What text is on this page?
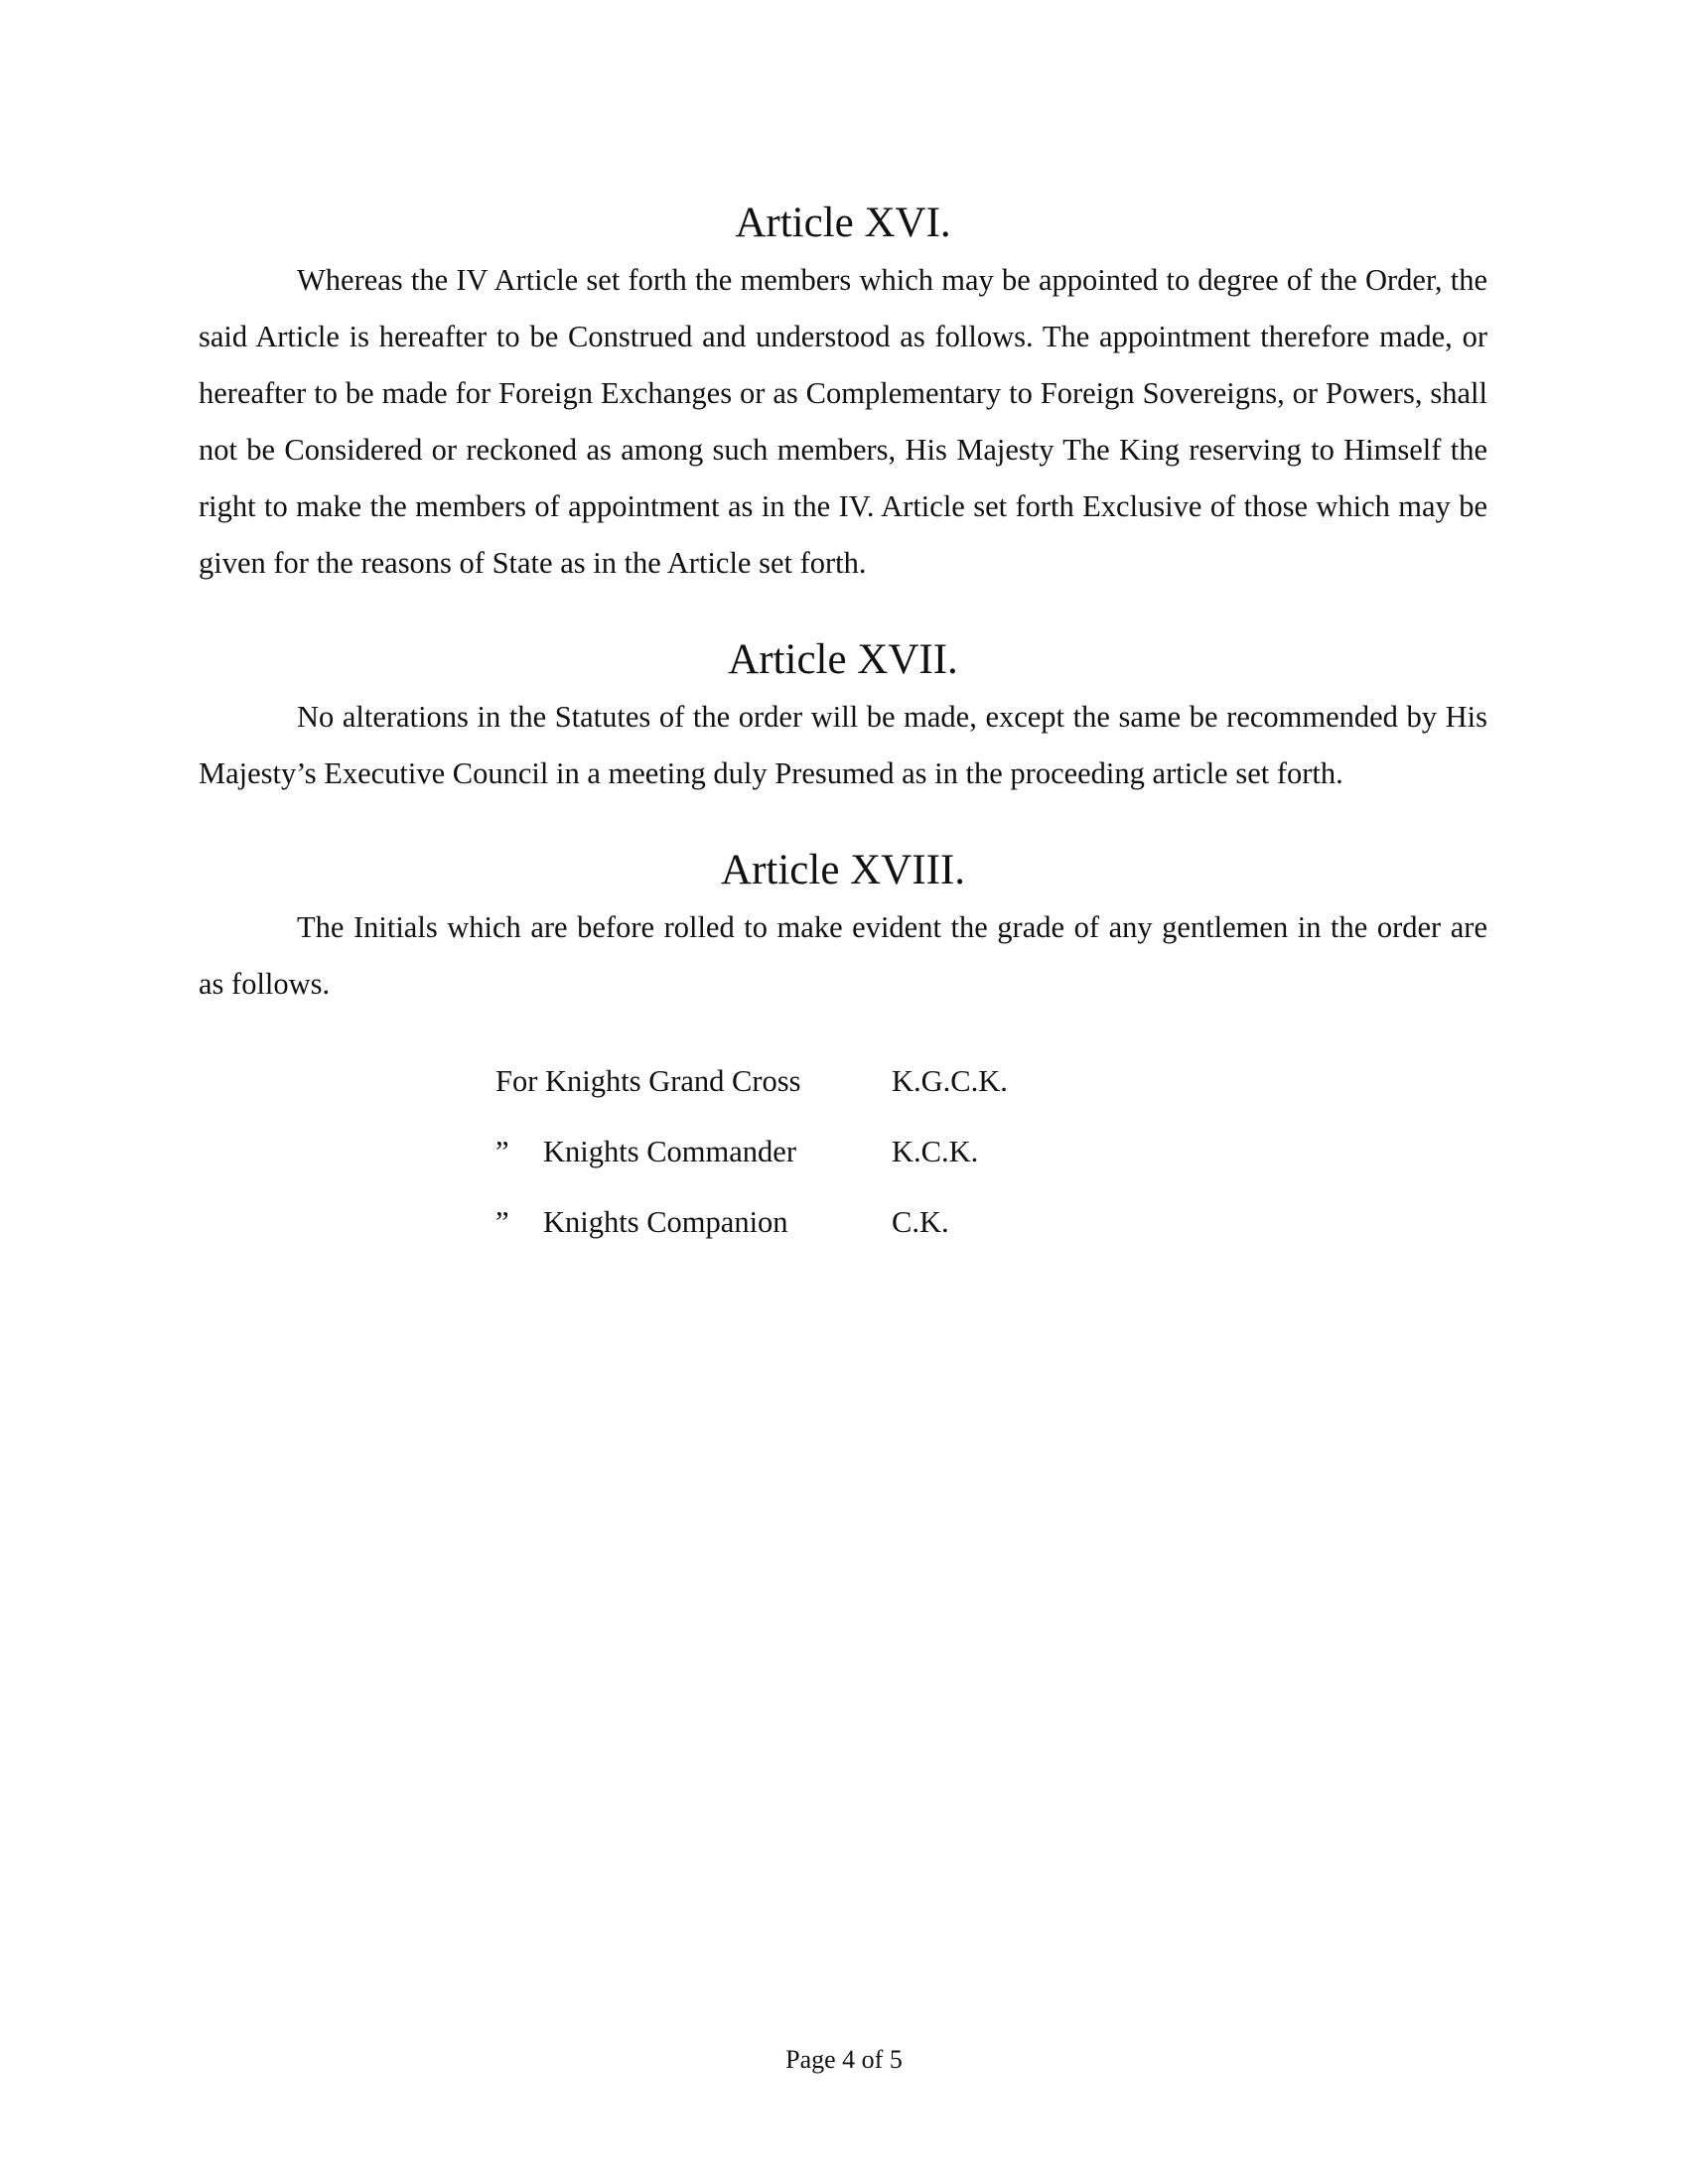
Article XVI.

Whereas the IV Article set forth the members which may be appointed to degree of the Order, the said Article is hereafter to be Construed and understood as follows. The appointment therefore made, or hereafter to be made for Foreign Exchanges or as Complementary to Foreign Sovereigns, or Powers, shall not be Considered or reckoned as among such members, His Majesty The King reserving to Himself the right to make the members of appointment as in the IV. Article set forth Exclusive of those which may be given for the reasons of State as in the Article set forth.

Article XVII.

No alterations in the Statutes of the order will be made, except the same be recommended by His Majesty’s Executive Council in a meeting duly Presumed as in the proceeding article set forth.

Article XVIII.

The Initials which are before rolled to make evident the grade of any gentlemen in the order are as follows.

For Knights Grand Cross	K.G.C.K.
”	Knights Commander	K.C.K.
”	Knights Companion	C.K.
Page 4 of 5
